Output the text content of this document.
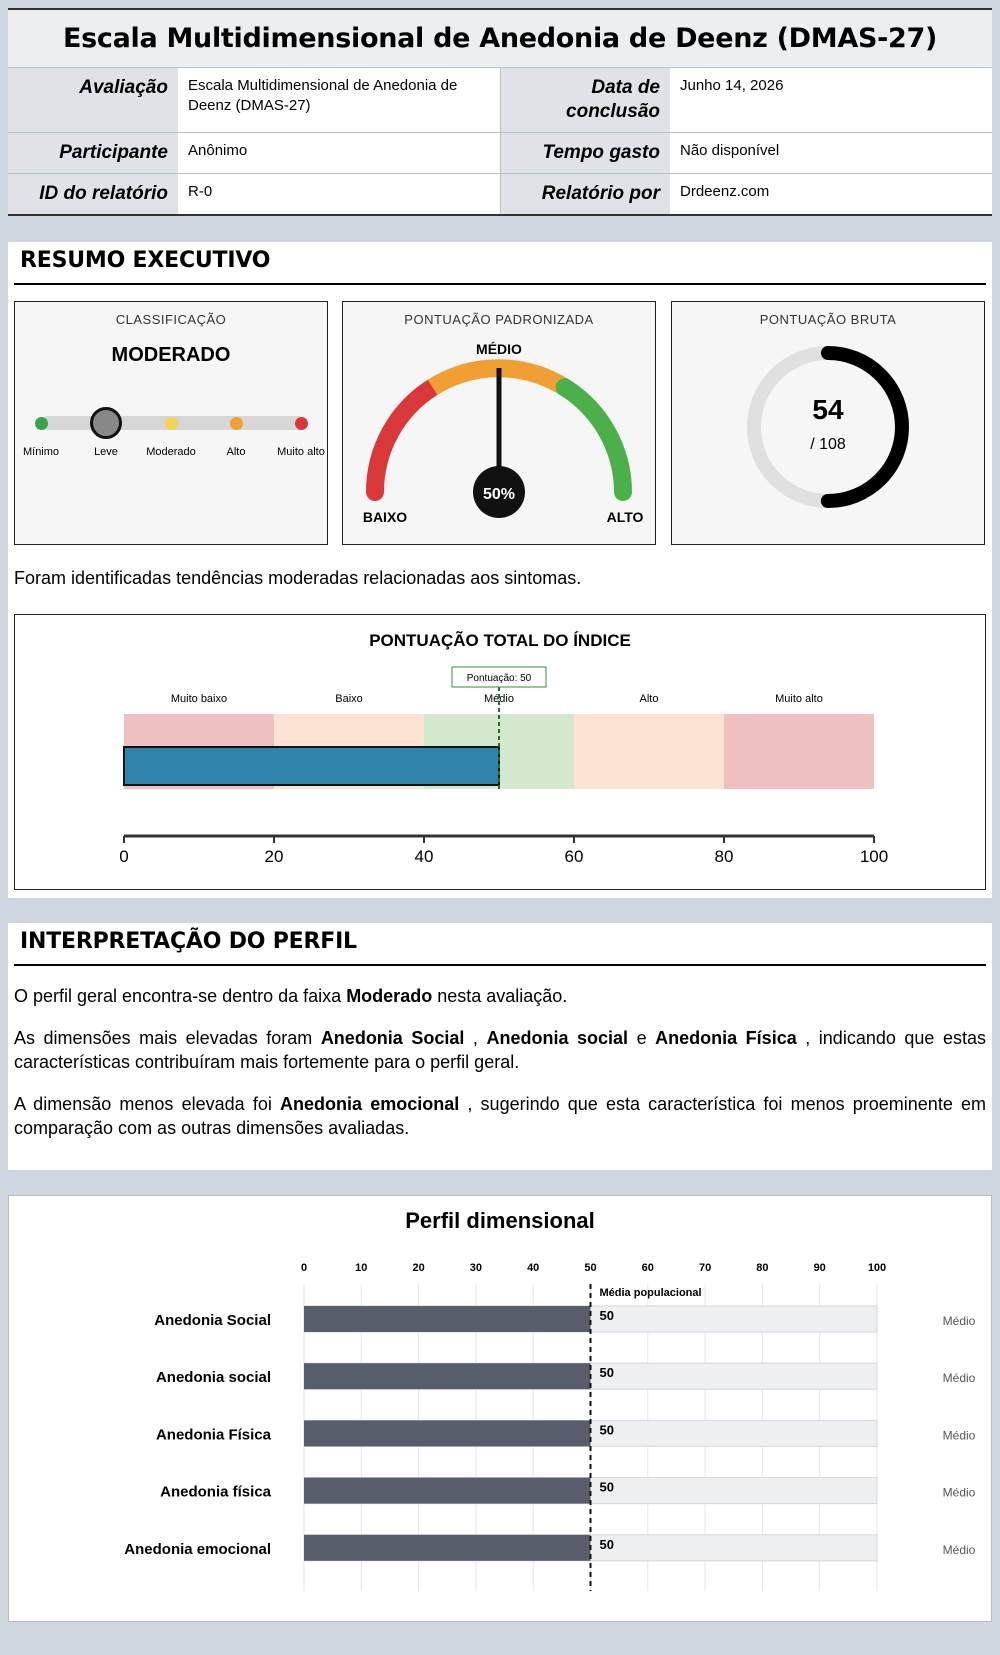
Escala Multidimensional de Anedonia de Deenz (DMAS-27)
Avaliação	Escala Multidimensional de Anedonia de Deenz (DMAS-27)	Data de conclusão	Junho 14, 2026
Participante	Anônimo	Tempo gasto	Não disponível
ID do relatório	R-0	Relatório por	Drdeenz.com
RESUMO EXECUTIVO
CLASSIFICAÇÃO
MODERADO
Mínimo	Leve	Moderado	Alto	Muito alto
PONTUAÇÃO PADRONIZADA
50%
MÉDIO
BAIXO	ALTO
PONTUAÇÃO BRUTA
54
/ 108
Foram identificadas tendências moderadas relacionadas aos sintomas.
PONTUAÇÃO TOTAL DO ÍNDICE
Muito baixo	Baixo	Médio	Alto	Muito alto
Pontuação: 50
0	20	40	60	80	100
INTERPRETAÇÃO DO PERFIL

O perfil geral encontra-se dentro da faixa Moderado nesta avaliação.

As dimensões mais elevadas foram Anedonia Social , Anedonia social e Anedonia Física , indicando que estas características contribuíram mais fortemente para o perfil geral.

A dimensão menos elevada foi Anedonia emocional , sugerindo que esta característica foi menos proeminente em comparação com as outras dimensões avaliadas.

Perfil dimensional
0	10	20	30	40	50	60	70	80	90	100
50
Anedonia Social	Médio
50
Anedonia social	Médio
50
Anedonia Física	Médio
50
Anedonia física	Médio
50
Anedonia emocional	Médio
Média populacional
